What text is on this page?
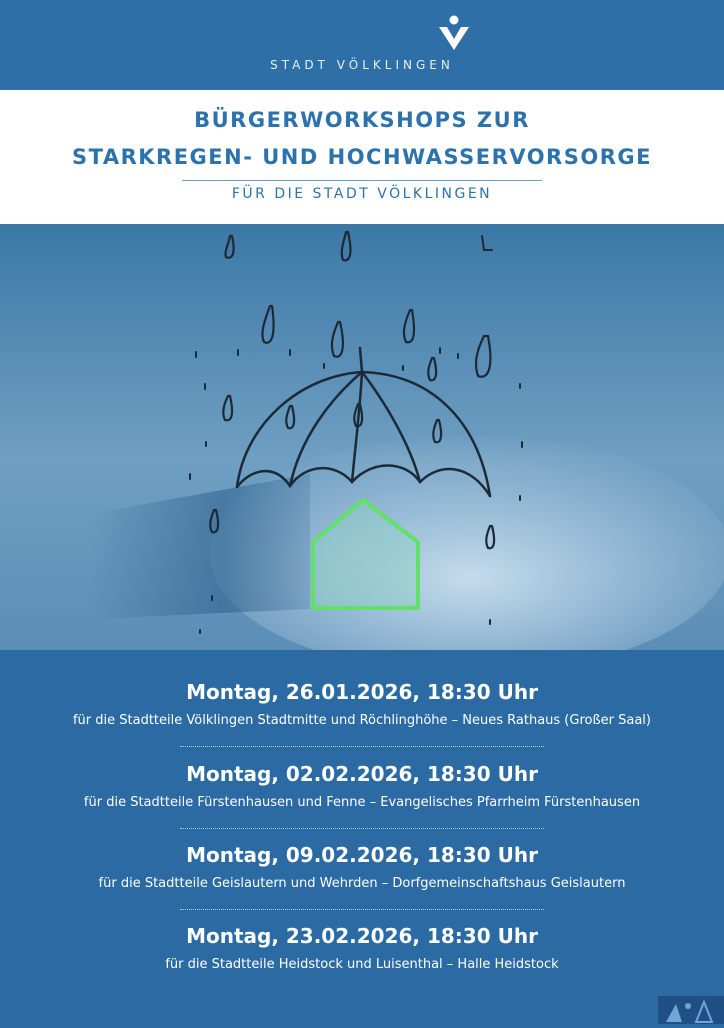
STADT VÖLKLINGEN
BÜRGERWORKSHOPS ZUR
STARKREGEN- UND HOCHWASSERVORSORGE
FÜR DIE STADT VÖLKLINGEN
Montag, 26.01.2026, 18:30 Uhr
für die Stadtteile Völklingen Stadtmitte und Röchlinghöhe – Neues Rathaus (Großer Saal)
Montag, 02.02.2026, 18:30 Uhr
für die Stadtteile Fürstenhausen und Fenne – Evangelisches Pfarrheim Fürstenhausen
Montag, 09.02.2026, 18:30 Uhr
für die Stadtteile Geislautern und Wehrden – Dorfgemeinschaftshaus Geislautern
Montag, 23.02.2026, 18:30 Uhr
für die Stadtteile Heidstock und Luisenthal – Halle Heidstock
